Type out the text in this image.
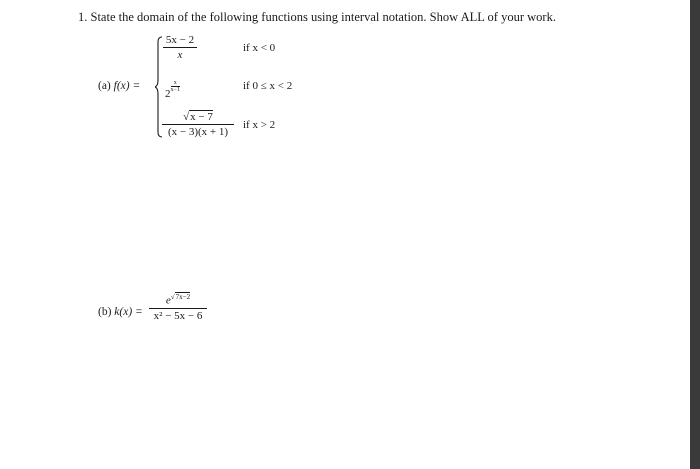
1. State the domain of the following functions using interval notation. Show ALL of your work.
(a) f(x) =
5x − 2
x
if x < 0
2
$\frac{x}{x-1}$	if 0 ≤ x < 2
√x − 7
(x − 3)(x + 1)
if x > 2
(b) k(x) =
$e^{√7x-2}$
x² − 5x − 6
